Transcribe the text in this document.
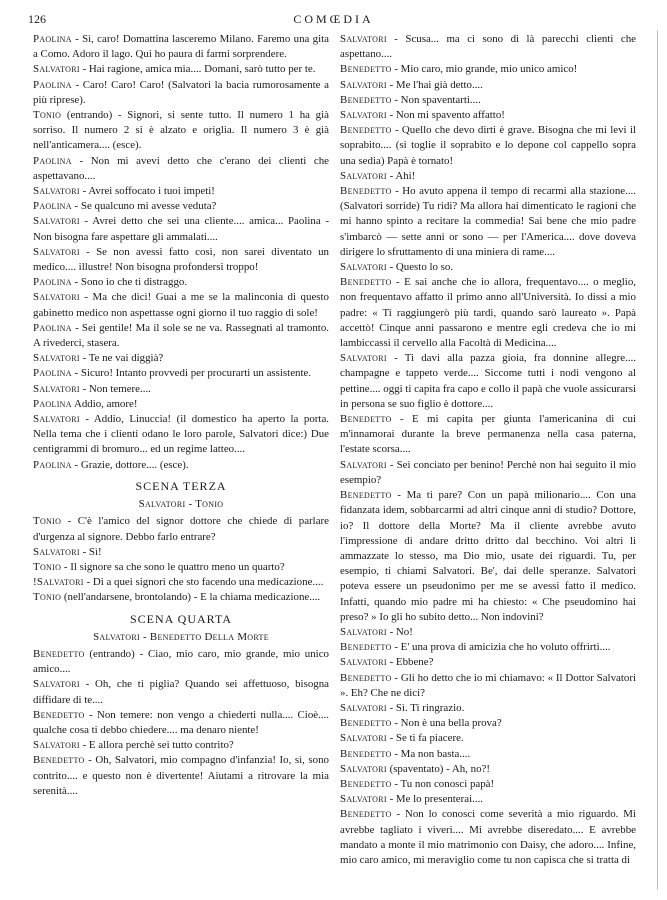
126	COMŒDIA

Paolina - Sì, caro! Domattina lasceremo Milano. Faremo una gita a Como. Adoro il lago. Qui ho paura di farmi sorprendere.

Salvatori - Hai ragione, amica mia.... Domani, sarò tutto per te.

Paolina - Caro! Caro! Caro! (Salvatori la bacia rumorosamente a più riprese).

Tonio (entrando) - Signori, si sente tutto. Il numero 1 ha già sorriso. Il numero 2 si è alzato e origlia. Il numero 3 è già nell'anticamera.... (esce).

Paolina - Non mi avevi detto che c'erano dei clienti che aspettavano....

Salvatori - Avrei soffocato i tuoi impeti!

Paolina - Se qualcuno mi avesse veduta?

Salvatori - Avrei detto che sei una cliente.... amica... Paolina - Non bisogna fare aspettare gli ammalati....

Salvatori - Se non avessi fatto così, non sarei diventato un medico.... illustre! Non bisogna profondersi troppo!

Paolina - Sono io che ti distraggo.

Salvatori - Ma che dici! Guai a me se la malinconia di questo gabinetto medico non aspettasse ogni giorno il tuo raggio di sole!

Paolina - Sei gentile! Ma il sole se ne va. Rassegnati al tramonto. A rivederci, stasera.

Salvatori - Te ne vai diggià?

Paolina - Sicuro! Intanto provvedi per procurarti un assistente.

Salvatori - Non temere....

Paolina Addio, amore!

Salvatori - Addio, Linuccia! (il domestico ha aperto la porta. Nella tema che i clienti odano le loro parole, Salvatori dice:) Due centigrammi di bromuro... ed un regime latteo....

Paolina - Grazie, dottore.... (esce).

SCENA TERZA
Salvatori - Tonio

Tonio - C'è l'amico del signor dottore che chiede di parlare d'urgenza al signore. Debbo farlo entrare?

Salvatori - Sì!

Tonio - Il signore sa che sono le quattro meno un quarto?

!Salvatori - Di a quei signori che sto facendo una medicazione....

Tonio (nell'andarsene, brontolando) - E la chiama medicazione....

SCENA QUARTA
Salvatori - Benedetto Della Morte

Benedetto (entrando) - Ciao, mio caro, mio grande, mio unico amico....

Salvatori - Oh, che ti piglia? Quando sei affettuoso, bisogna diffidare di te....

Benedetto - Non temere: non vengo a chiederti nulla.... Cioè.... qualche cosa ti debbo chiedere.... ma denaro niente!

Salvatori - E allora perchè sei tutto contrito?

Benedetto - Oh, Salvatori, mio compagno d'infanzia! Io, sì, sono contrito.... e questo non è divertente! Aiutami a ritrovare la mia serenità....

Salvatori - Scusa... ma ci sono di là parecchi clienti che aspettano....

Benedetto - Mio caro, mio grande, mio unico amico!

Salvatori - Me l'hai già detto....

Benedetto - Non spaventarti....

Salvatori - Non mi spavento affatto!

Benedetto - Quello che devo dirti è grave. Bisogna che mi levi il soprabito.... (si toglie il soprabito e lo depone col cappello sopra una sedia) Papà è tornato!

Salvatori - Ahi!

Benedetto - Ho avuto appena il tempo di recarmi alla stazione.... (Salvatori sorride) Tu ridi? Ma allora hai dimenticato le ragioni che mi hanno spinto a recitare la commedia! Sai bene che mio padre s'imbarcò — sette anni or sono — per l'America.... dove doveva dirigere lo sfruttamento di una miniera di rame....

Salvatori - Questo lo so.

Benedetto - E sai anche che io allora, frequentavo.... o meglio, non frequentavo affatto il primo anno all'Università. Io dissi a mio padre: « Ti raggiungerò più tardi, quando sarò laureato ». Papà accettò! Cinque anni passarono e mentre egli credeva che io mi lambiccassi il cervello alla Facoltà di Medicina....

Salvatori - Ti davi alla pazza gioia, fra donnine allegre.... champagne e tappeto verde.... Siccome tutti i nodi vengono al pettine.... oggi ti capita fra capo e collo il papà che vuole assicurarsi in persona se suo figlio è dottore....

Benedetto - E mi capita per giunta l'americanina di cui m'innamorai durante la breve permanenza nella casa paterna, l'estate scorsa....

Salvatori - Sei conciato per benino! Perchè non hai seguito il mio esempio?

Benedetto - Ma ti pare? Con un papà milionario.... Con una fidanzata idem, sobbarcarmi ad altri cinque anni di studio? Dottore, io? Il dottore della Morte? Ma il cliente avrebbe avuto l'impressione di andare dritto dritto dal becchino. Voi altri li ammazzate lo stesso, ma Dio mio, usate dei riguardi. Tu, per esempio, ti chiami Salvatori. Be', dai delle speranze. Salvatori poteva essere un pseudonimo per me se avessi fatto il medico. Infatti, quando mio padre mi ha chiesto: « Che pseudomino hai preso? » Io gli ho subito detto... Non indovini?

Salvatori - No!

Benedetto - E' una prova di amicizia che ho voluto offrirti....

Salvatori - Ebbene?

Benedetto - Gli ho detto che io mi chiamavo: « Il Dottor Salvatori ». Eh? Che ne dici?

Salvatori - Sì. Ti ringrazio.

Benedetto - Non è una bella prova?

Salvatori - Se ti fa piacere.

Benedetto - Ma non basta....

Salvatori (spaventato) - Ah, no?!

Benedetto - Tu non conosci papà!

Salvatori - Me lo presenterai....

Benedetto - Non lo conosci come severità a mio riguardo. Mi avrebbe tagliato i viveri.... Mi avrebbe diseredato.... E avrebbe mandato a monte il mio matrimonio con Daisy, che adoro.... Infine, mio caro amico, mi meraviglio come tu non capisca che si tratta di
